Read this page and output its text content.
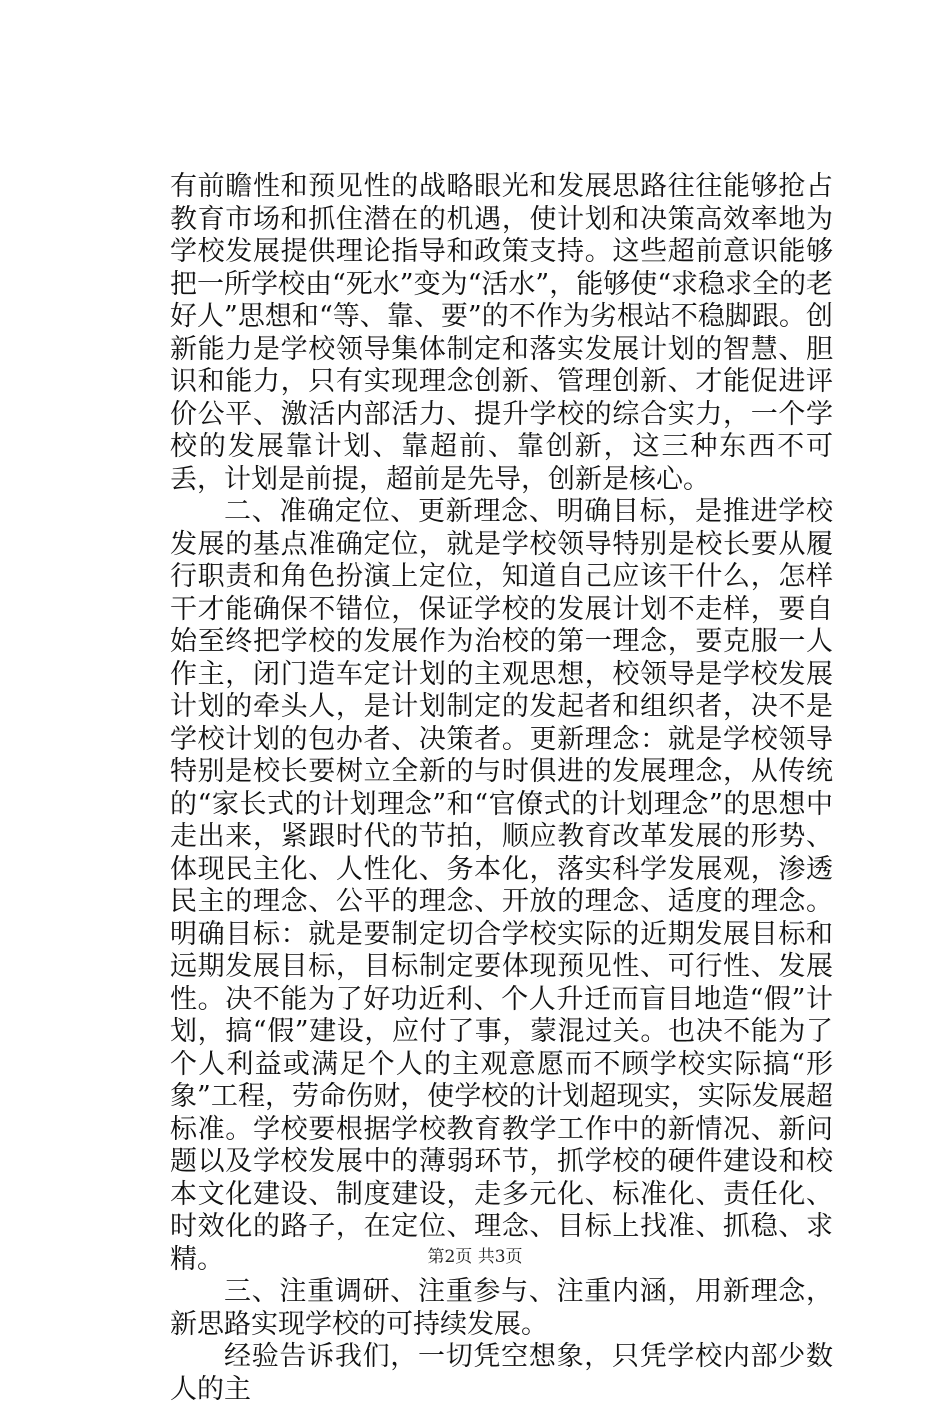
有前瞻性和预见性的战略眼光和发展思路往往能够抢占教育市场和抓住潜在的机遇，使计划和决策高效率地为学校发展提供理论指导和政策支持。这些超前意识能够把一所学校由“死水”变为“活水”，能够使“求稳求全的老好人”思想和“等、靠、要”的不作为劣根站不稳脚跟。创新能力是学校领导集体制定和落实发展计划的智慧、胆识和能力，只有实现理念创新、管理创新、才能促进评价公平、激活内部活力、提升学校的综合实力，一个学校的发展靠计划、靠超前、靠创新，这三种东西不可丢，计划是前提，超前是先导，创新是核心。

二、准确定位、更新理念、明确目标，是推进学校发展的基点准确定位，就是学校领导特别是校长要从履行职责和角色扮演上定位，知道自己应该干什么，怎样干才能确保不错位，保证学校的发展计划不走样，要自始至终把学校的发展作为治校的第一理念，要克服一人作主，闭门造车定计划的主观思想，校领导是学校发展计划的牵头人，是计划制定的发起者和组织者，决不是学校计划的包办者、决策者。更新理念：就是学校领导特别是校长要树立全新的与时俱进的发展理念，从传统的“家长式的计划理念”和“官僚式的计划理念”的思想中走出来，紧跟时代的节拍，顺应教育改革发展的形势、体现民主化、人性化、务本化，落实科学发展观，渗透民主的理念、公平的理念、开放的理念、适度的理念。明确目标：就是要制定切合学校实际的近期发展目标和远期发展目标，目标制定要体现预见性、可行性、发展性。决不能为了好功近利、个人升迁而盲目地造“假”计划，搞“假”建设，应付了事，蒙混过关。也决不能为了个人利益或满足个人的主观意愿而不顾学校实际搞“形象”工程，劳命伤财，使学校的计划超现实，实际发展超标准。学校要根据学校教育教学工作中的新情况、新问题以及学校发展中的薄弱环节，抓学校的硬件建设和校本文化建设、制度建设，走多元化、标准化、责任化、时效化的路子，在定位、理念、目标上找准、抓稳、求精。

三、注重调研、注重参与、注重内涵，用新理念，新思路实现学校的可持续发展。

经验告诉我们，一切凭空想象，只凭学校内部少数人的主

第2页 共3页
